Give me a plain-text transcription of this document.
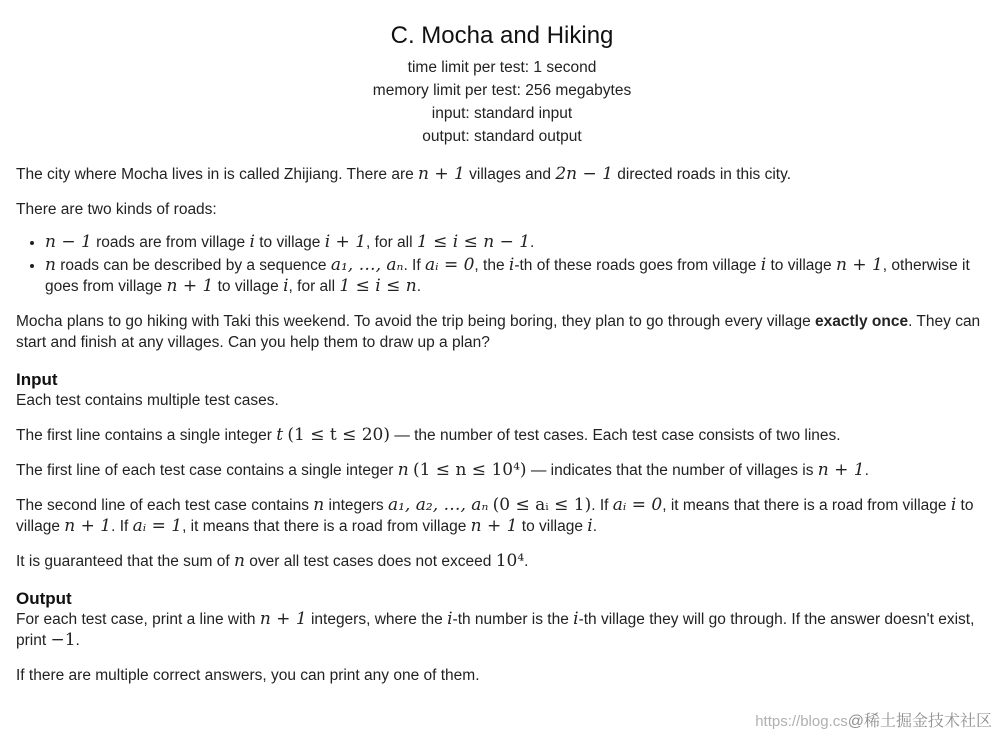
C. Mocha and Hiking
time limit per test: 1 second
memory limit per test: 256 megabytes
input: standard input
output: standard output

The city where Mocha lives in is called Zhijiang. There are n + 1 villages and 2n − 1 directed roads in this city.

There are two kinds of roads:

• n − 1 roads are from village i to village i + 1, for all 1 ≤ i ≤ n − 1.
• n roads can be described by a sequence a₁, …, aₙ. If aᵢ = 0, the i-th of these roads goes from village i to village n + 1, otherwise it goes from village n + 1 to village i, for all 1 ≤ i ≤ n.

Mocha plans to go hiking with Taki this weekend. To avoid the trip being boring, they plan to go through every village exactly once. They can start and finish at any villages. Can you help them to draw up a plan?

Input

Each test contains multiple test cases.

The first line contains a single integer t (1 ≤ t ≤ 20) — the number of test cases. Each test case consists of two lines.

The first line of each test case contains a single integer n (1 ≤ n ≤ 10⁴) — indicates that the number of villages is n + 1.

The second line of each test case contains n integers a₁, a₂, …, aₙ (0 ≤ aᵢ ≤ 1). If aᵢ = 0, it means that there is a road from village i to village n + 1. If aᵢ = 1, it means that there is a road from village n + 1 to village i.

It is guaranteed that the sum of n over all test cases does not exceed 10⁴.

Output

For each test case, print a line with n + 1 integers, where the i-th number is the i-th village they will go through. If the answer doesn't exist, print −1.

If there are multiple correct answers, you can print any one of them.

https://blog.cs@稀土掘金技术社区
